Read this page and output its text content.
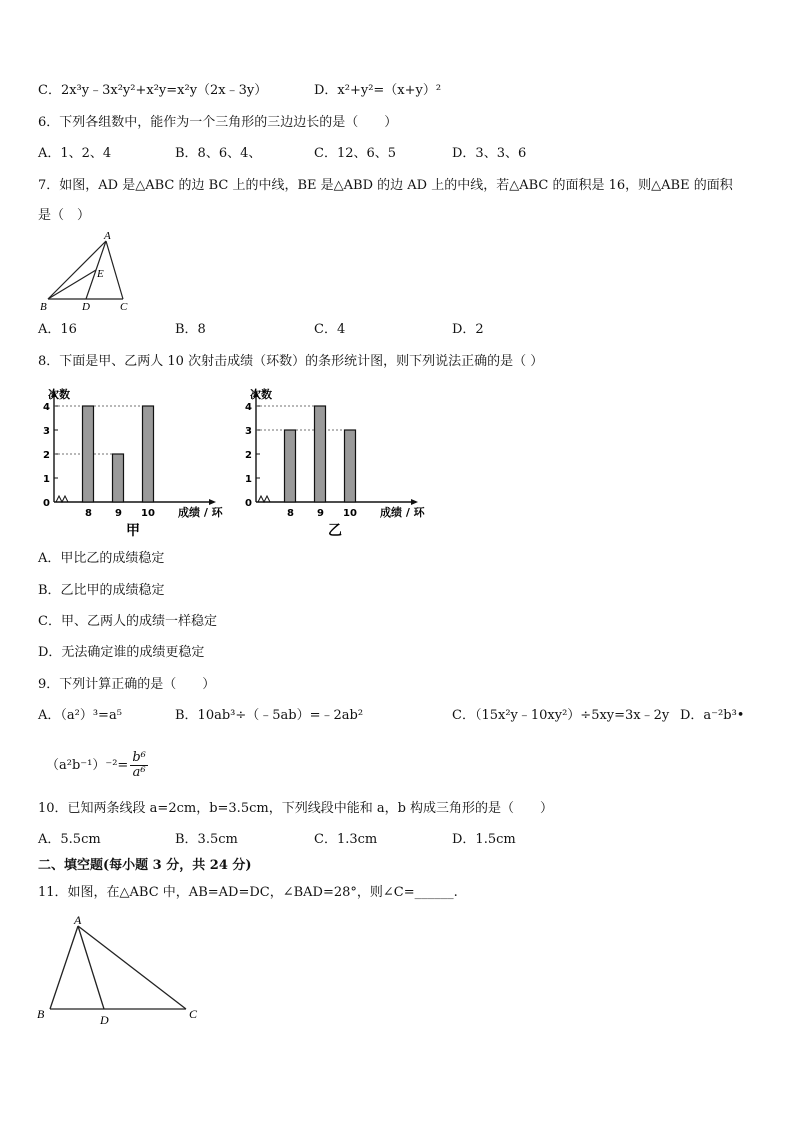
C．2x³y﹣3x²y²+x²y=x²y（2x﹣3y）	D．x²+y²=（x+y）²
6．下列各组数中，能作为一个三角形的三边边长的是（　　）
A．1、2、4	B．8、6、4、	C．12、6、5	D．3、3、6
7．如图，AD 是△ABC 的边 BC 上的中线，BE 是△ABD 的边 AD 上的中线，若△ABC 的面积是 16，则△ABE 的面积
是（　）
A
B	C
D
E
A．16	B．8	C．4	D．2
8．下面是甲、乙两人 10 次射击成绩（环数）的条形统计图，则下列说法正确的是（ ）
0
1
2
3
4
8 9 10
次数
成绩 / 环
甲
0
1
2
3
4
8 9 10
次数
成绩 / 环
乙
A．甲比乙的成绩稳定
B．乙比甲的成绩稳定
C．甲、乙两人的成绩一样稳定
D．无法确定谁的成绩更稳定
9．下列计算正确的是（　　）
A．（a²）³=a⁵	B．10ab³÷（﹣5ab）=﹣2ab²	C．（15x²y﹣10xy²）÷5xy=3x﹣2y D．a⁻²b³•
$(a^2b^{-1})^{-2}= \frac{\text{b⁶}}{\text{a⁶}}$
10．已知两条线段 a=2cm，b=3.5cm，下列线段中能和 a，b 构成三角形的是（　　）
A．5.5cm	B．3.5cm	C．1.3cm	D．1.5cm
二、填空题(每小题 3 分，共 24 分)
11．如图，在△ABC 中，AB=AD=DC，∠BAD=28°，则∠C=______.
A
B	C
D
